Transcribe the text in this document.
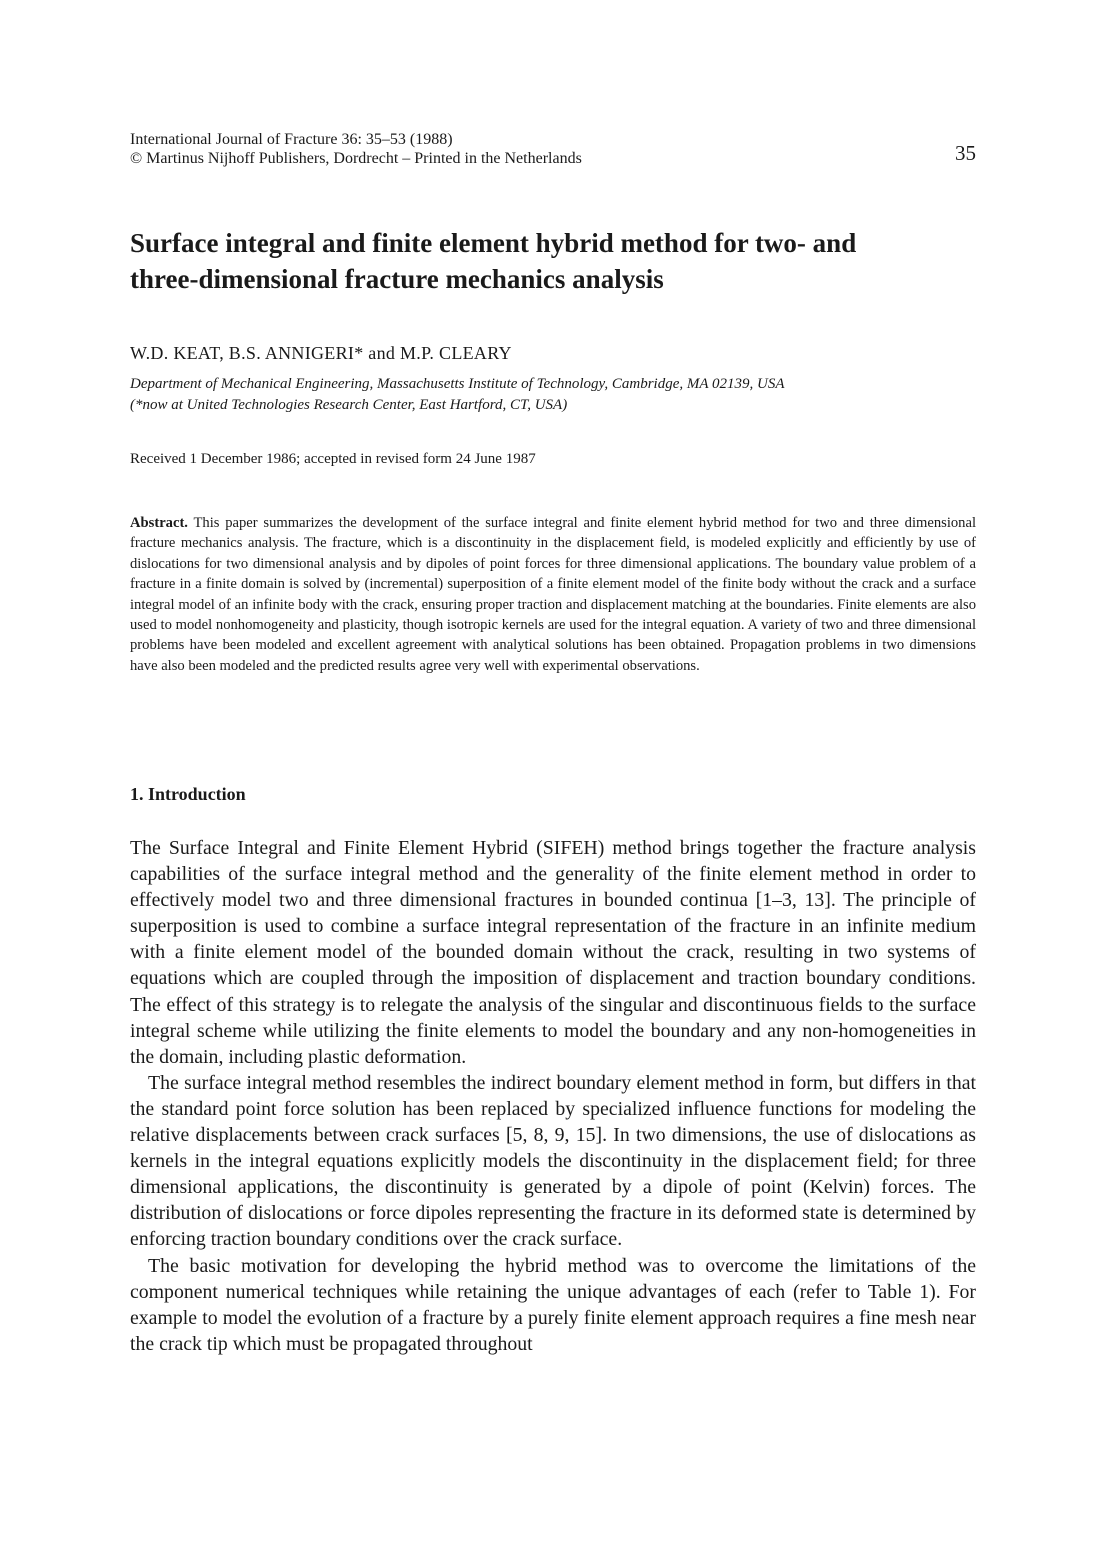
International Journal of Fracture 36: 35–53 (1988)
© Martinus Nijhoff Publishers, Dordrecht – Printed in the Netherlands	35
Surface integral and finite element hybrid method for two- and
three-dimensional fracture mechanics analysis
W.D. KEAT, B.S. ANNIGERI* and M.P. CLEARY
Department of Mechanical Engineering, Massachusetts Institute of Technology, Cambridge, MA 02139, USA
(*now at United Technologies Research Center, East Hartford, CT, USA)
Received 1 December 1986; accepted in revised form 24 June 1987
Abstract. This paper summarizes the development of the surface integral and finite element hybrid method for two and three dimensional fracture mechanics analysis. The fracture, which is a discontinuity in the displacement field, is modeled explicitly and efficiently by use of dislocations for two dimensional analysis and by dipoles of point forces for three dimensional applications. The boundary value problem of a fracture in a finite domain is solved by (incremental) superposition of a finite element model of the finite body without the crack and a surface integral model of an infinite body with the crack, ensuring proper traction and displacement matching at the boundaries. Finite elements are also used to model nonhomogeneity and plasticity, though isotropic kernels are used for the integral equation. A variety of two and three dimensional problems have been modeled and excellent agreement with analytical solutions has been obtained. Propagation problems in two dimensions have also been modeled and the predicted results agree very well with experimental observations.
1. Introduction

The Surface Integral and Finite Element Hybrid (SIFEH) method brings together the fracture analysis capabilities of the surface integral method and the generality of the finite element method in order to effectively model two and three dimensional fractures in bounded continua [1–3, 13]. The principle of superposition is used to combine a surface integral representation of the fracture in an infinite medium with a finite element model of the bounded domain without the crack, resulting in two systems of equations which are coupled through the imposition of displacement and traction boundary conditions. The effect of this strategy is to relegate the analysis of the singular and discontinuous fields to the surface integral scheme while utilizing the finite elements to model the boundary and any non-homogeneities in the domain, including plastic deformation.

The surface integral method resembles the indirect boundary element method in form, but differs in that the standard point force solution has been replaced by specialized influence functions for modeling the relative displacements between crack surfaces [5, 8, 9, 15]. In two dimensions, the use of dislocations as kernels in the integral equations explicitly models the discontinuity in the displacement field; for three dimensional applications, the discontinuity is generated by a dipole of point (Kelvin) forces. The distribution of dislocations or force dipoles representing the fracture in its deformed state is determined by enforcing traction boundary conditions over the crack surface.

The basic motivation for developing the hybrid method was to overcome the limitations of the component numerical techniques while retaining the unique advantages of each (refer to Table 1). For example to model the evolution of a fracture by a purely finite element approach requires a fine mesh near the crack tip which must be propagated throughout
